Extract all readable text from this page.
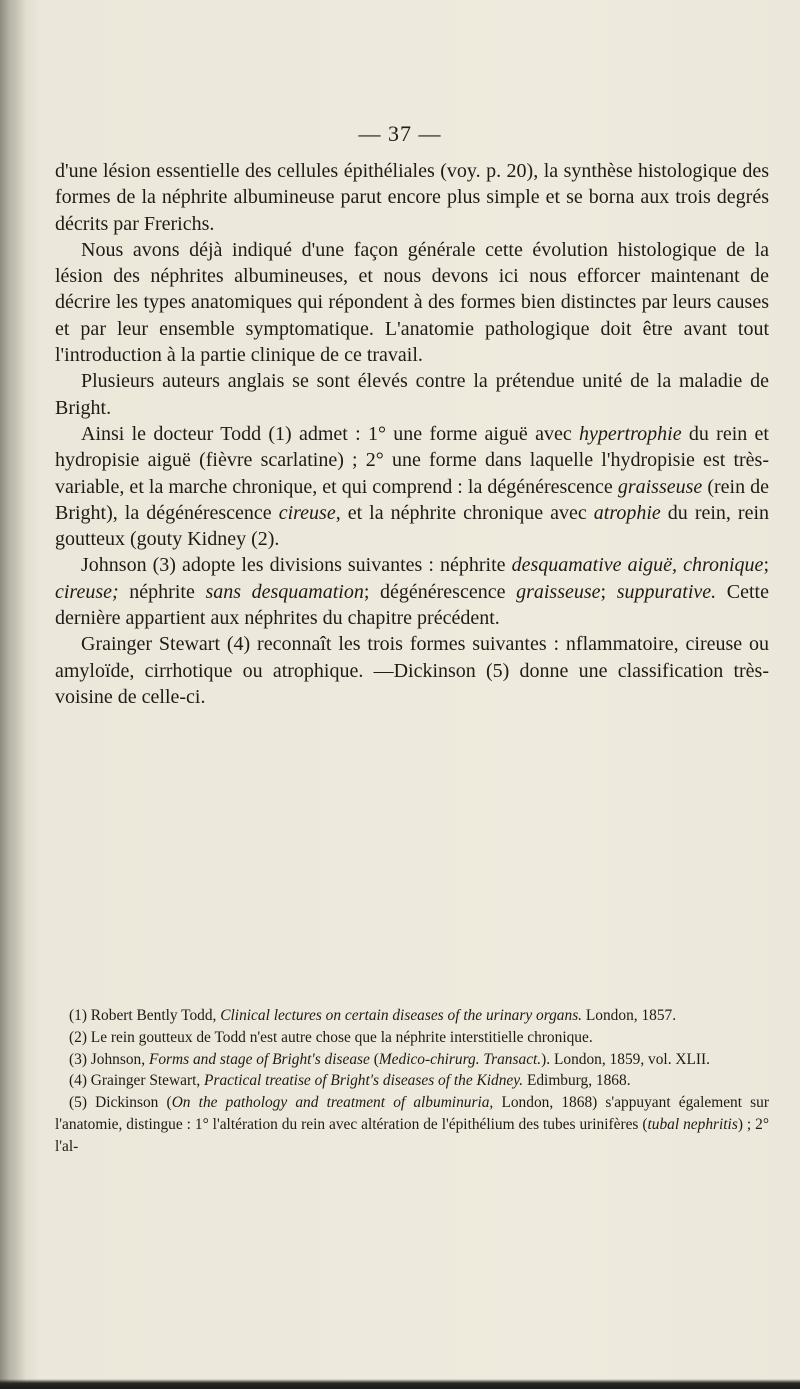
— 37 —

d'une lésion essentielle des cellules épithéliales (voy. p. 20), la synthèse histologique des formes de la néphrite albumineuse parut encore plus simple et se borna aux trois degrés décrits par Frerichs.

Nous avons déjà indiqué d'une façon générale cette évolution histologique de la lésion des néphrites albumineuses, et nous devons ici nous efforcer maintenant de décrire les types anatomiques qui répondent à des formes bien distinctes par leurs causes et par leur ensemble symptomatique. L'anatomie pathologique doit être avant tout l'introduction à la partie clinique de ce travail.

Plusieurs auteurs anglais se sont élevés contre la prétendue unité de la maladie de Bright.

Ainsi le docteur Todd (1) admet : 1° une forme aiguë avec hypertrophie du rein et hydropisie aiguë (fièvre scarlatine) ; 2° une forme dans laquelle l'hydropisie est très-variable, et la marche chronique, et qui comprend : la dégénérescence graisseuse (rein de Bright), la dégénérescence cireuse, et la néphrite chronique avec atrophie du rein, rein goutteux (gouty Kidney (2).

Johnson (3) adopte les divisions suivantes : néphrite desquamative aiguë, chronique; cireuse; néphrite sans desquamation; dégénérescence graisseuse; suppurative. Cette dernière appartient aux néphrites du chapitre précédent.

Grainger Stewart (4) reconnaît les trois formes suivantes : nflammatoire, cireuse ou amyloïde, cirrhotique ou atrophique. —Dickinson (5) donne une classification très-voisine de celle-ci.

(1) Robert Bently Todd, Clinical lectures on certain diseases of the urinary organs. London, 1857.

(2) Le rein goutteux de Todd n'est autre chose que la néphrite interstitielle chronique.

(3) Johnson, Forms and stage of Bright's disease (Medico-chirurg. Transact.). London, 1859, vol. XLII.

(4) Grainger Stewart, Practical treatise of Bright's diseases of the Kidney. Edimburg, 1868.

(5) Dickinson (On the pathology and treatment of albuminuria, London, 1868) s'appuyant également sur l'anatomie, distingue : 1° l'altération du rein avec altération de l'épithélium des tubes urinifères (tubal nephritis) ; 2° l'al-
